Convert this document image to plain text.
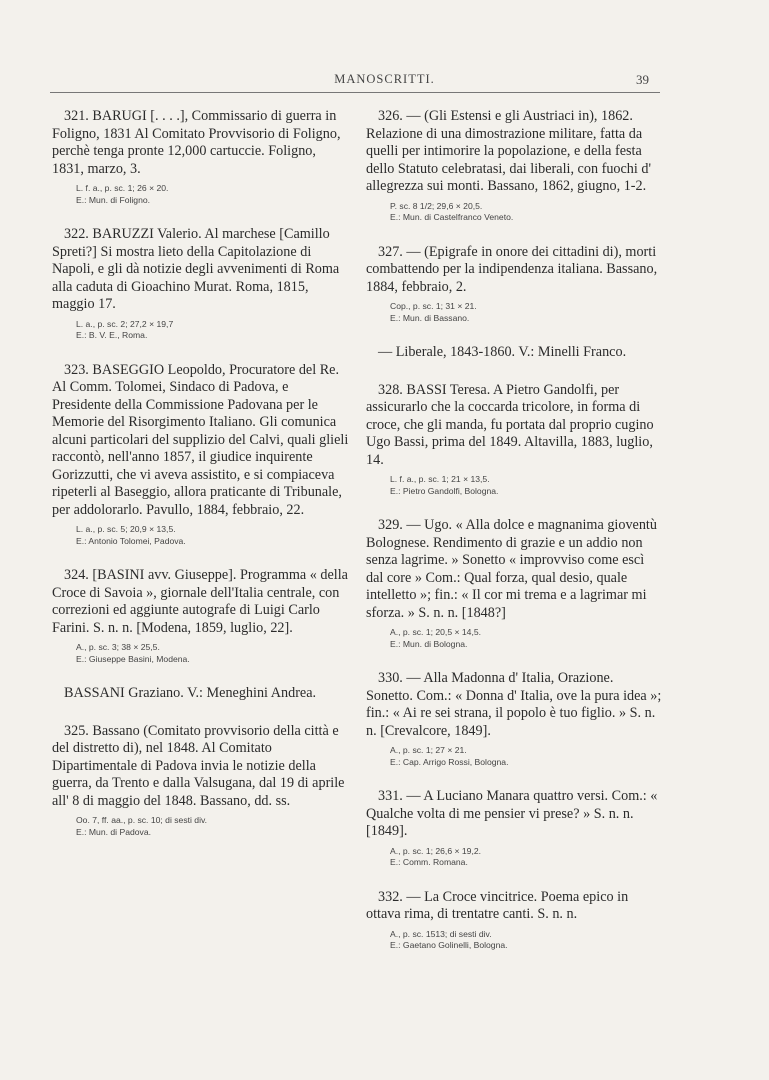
MANOSCRITTI.	39

321. BARUGI [. . . .], Commissario di guerra in Foligno, 1831 Al Comitato Provvisorio di Foligno, perchè tenga pronte 12,000 cartuccie. Foligno, 1831, marzo, 3.

L. f. a., p. sc. 1; 26 × 20.
E.: Mun. di Foligno.

322. BARUZZI Valerio. Al marchese [Camillo Spreti?] Si mostra lieto della Capitolazione di Napoli, e gli dà notizie degli avvenimenti di Roma alla caduta di Gioachino Murat. Roma, 1815, maggio 17.

L. a., p. sc. 2; 27,2 × 19,7
E.: B. V. E., Roma.

323. BASEGGIO Leopoldo, Procuratore del Re. Al Comm. Tolomei, Sindaco di Padova, e Presidente della Commissione Padovana per le Memorie del Risorgimento Italiano. Gli comunica alcuni particolari del supplizio del Calvi, quali glieli raccontò, nell'anno 1857, il giudice inquirente Gorizzutti, che vi aveva assistito, e si compiaceva ripeterli al Baseggio, allora praticante di Tribunale, per addolorarlo. Pavullo, 1884, febbraio, 22.

L. a., p. sc. 5; 20,9 × 13,5.
E.: Antonio Tolomei, Padova.

324. [BASINI avv. Giuseppe]. Programma « della Croce di Savoia », giornale dell'Italia centrale, con correzioni ed aggiunte autografe di Luigi Carlo Farini. S. n. n. [Modena, 1859, luglio, 22].

A., p. sc. 3; 38 × 25,5.
E.: Giuseppe Basini, Modena.

BASSANI Graziano. V.: Meneghini Andrea.

325. Bassano (Comitato provvisorio della città e del distretto di), nel 1848. Al Comitato Dipartimentale di Padova invia le notizie della guerra, da Trento e dalla Valsugana, dal 19 di aprile all' 8 di maggio del 1848. Bassano, dd. ss.

Oo. 7, ff. aa., p. sc. 10; di sesti div.
E.: Mun. di Padova.

326. — (Gli Estensi e gli Austriaci in), 1862. Relazione di una dimostrazione militare, fatta da quelli per intimorire la popolazione, e della festa dello Statuto celebratasi, dai liberali, con fuochi d' allegrezza sui monti. Bassano, 1862, giugno, 1-2.

P. sc. 8 1/2; 29,6 × 20,5.
E.: Mun. di Castelfranco Veneto.

327. — (Epigrafe in onore dei cittadini di), morti combattendo per la indipendenza italiana. Bassano, 1884, febbraio, 2.

Cop., p. sc. 1; 31 × 21.
E.: Mun. di Bassano.

— Liberale, 1843-1860. V.: Minelli Franco.

328. BASSI Teresa. A Pietro Gandolfi, per assicurarlo che la coccarda tricolore, in forma di croce, che gli manda, fu portata dal proprio cugino Ugo Bassi, prima del 1849. Altavilla, 1883, luglio, 14.

L. f. a., p. sc. 1; 21 × 13,5.
E.: Pietro Gandolfi, Bologna.

329. — Ugo. « Alla dolce e magnanima gioventù Bolognese. Rendimento di grazie e un addio non senza lagrime. » Sonetto « improvviso come escì dal core » Com.: Qual forza, qual desio, quale intelletto »; fin.: « Il cor mi trema e a lagrimar mi sforza. » S. n. n. [1848?]

A., p. sc. 1; 20,5 × 14,5.
E.: Mun. di Bologna.

330. — Alla Madonna d' Italia, Orazione. Sonetto. Com.: « Donna d' Italia, ove la pura idea »; fin.: « Ai re sei strana, il popolo è tuo figlio. » S. n. n. [Crevalcore, 1849].

A., p. sc. 1; 27 × 21.
E.: Cap. Arrigo Rossi, Bologna.

331. — A Luciano Manara quattro versi. Com.: « Qualche volta di me pensier vi prese? » S. n. n. [1849].

A., p. sc. 1; 26,6 × 19,2.
E.: Comm. Romana.

332. — La Croce vincitrice. Poema epico in ottava rima, di trentatre canti. S. n. n.

A., p. sc. 1513; di sesti div.
E.: Gaetano Golinelli, Bologna.
